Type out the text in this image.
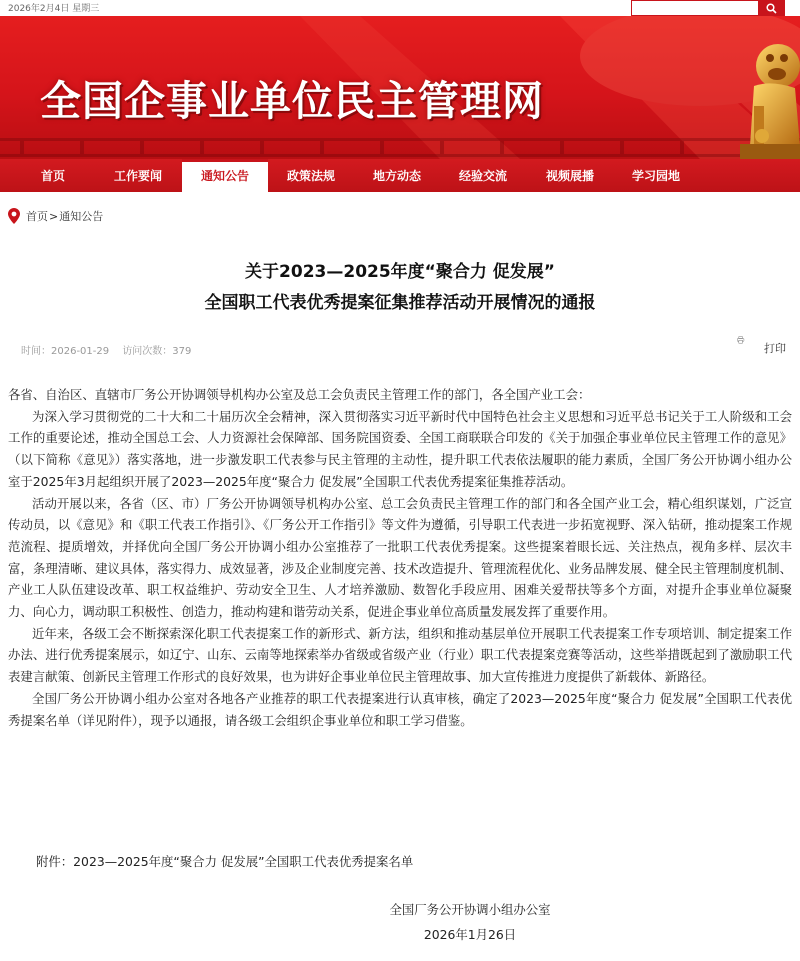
2026年2月4日 星期三
全国企事业单位民主管理网
首页	工作要闻	通知公告	政策法规	地方动态	经验交流	视频展播	学习园地
首页 > 通知公告
关于2023—2025年度“聚合力 促发展”
全国职工代表优秀提案征集推荐活动开展情况的通报
时间：2026-01-29 访问次数：379	打印

各省、自治区、直辖市厂务公开协调领导机构办公室及总工会负责民主管理工作的部门，各全国产业工会：

为深入学习贯彻党的二十大和二十届历次全会精神，深入贯彻落实习近平新时代中国特色社会主义思想和习近平总书记关于工人阶级和工会工作的重要论述，推动全国总工会、人力资源社会保障部、国务院国资委、全国工商联联合印发的《关于加强企事业单位民主管理工作的意见》（以下简称《意见》）落实落地，进一步激发职工代表参与民主管理的主动性，提升职工代表依法履职的能力素质，全国厂务公开协调小组办公室于2025年3月起组织开展了2023—2025年度“聚合力 促发展”全国职工代表优秀提案征集推荐活动。

活动开展以来，各省（区、市）厂务公开协调领导机构办公室、总工会负责民主管理工作的部门和各全国产业工会，精心组织谋划，广泛宣传动员，以《意见》和《职工代表工作指引》、《厂务公开工作指引》等文件为遵循，引导职工代表进一步拓宽视野、深入钻研，推动提案工作规范流程、提质增效，并择优向全国厂务公开协调小组办公室推荐了一批职工代表优秀提案。这些提案着眼长远、关注热点，视角多样、层次丰富，条理清晰、建议具体，落实得力、成效显著，涉及企业制度完善、技术改造提升、管理流程优化、业务品牌发展、健全民主管理制度机制、产业工人队伍建设改革、职工权益维护、劳动安全卫生、人才培养激励、数智化手段应用、困难关爱帮扶等多个方面，对提升企事业单位凝聚力、向心力，调动职工积极性、创造力，推动构建和谐劳动关系，促进企事业单位高质量发展发挥了重要作用。

近年来，各级工会不断探索深化职工代表提案工作的新形式、新方法，组织和推动基层单位开展职工代表提案工作专项培训、制定提案工作办法、进行优秀提案展示，如辽宁、山东、云南等地探索举办省级或省级产业（行业）职工代表提案竞赛等活动，这些举措既起到了激励职工代表建言献策、创新民主管理工作形式的良好效果，也为讲好企事业单位民主管理故事、加大宣传推进力度提供了新载体、新路径。

全国厂务公开协调小组办公室对各地各产业推荐的职工代表提案进行认真审核，确定了2023—2025年度“聚合力 促发展”全国职工代表优秀提案名单（详见附件），现予以通报，请各级工会组织企事业单位和职工学习借鉴。

附件：2023—2025年度“聚合力 促发展”全国职工代表优秀提案名单
全国厂务公开协调小组办公室
2026年1月26日
